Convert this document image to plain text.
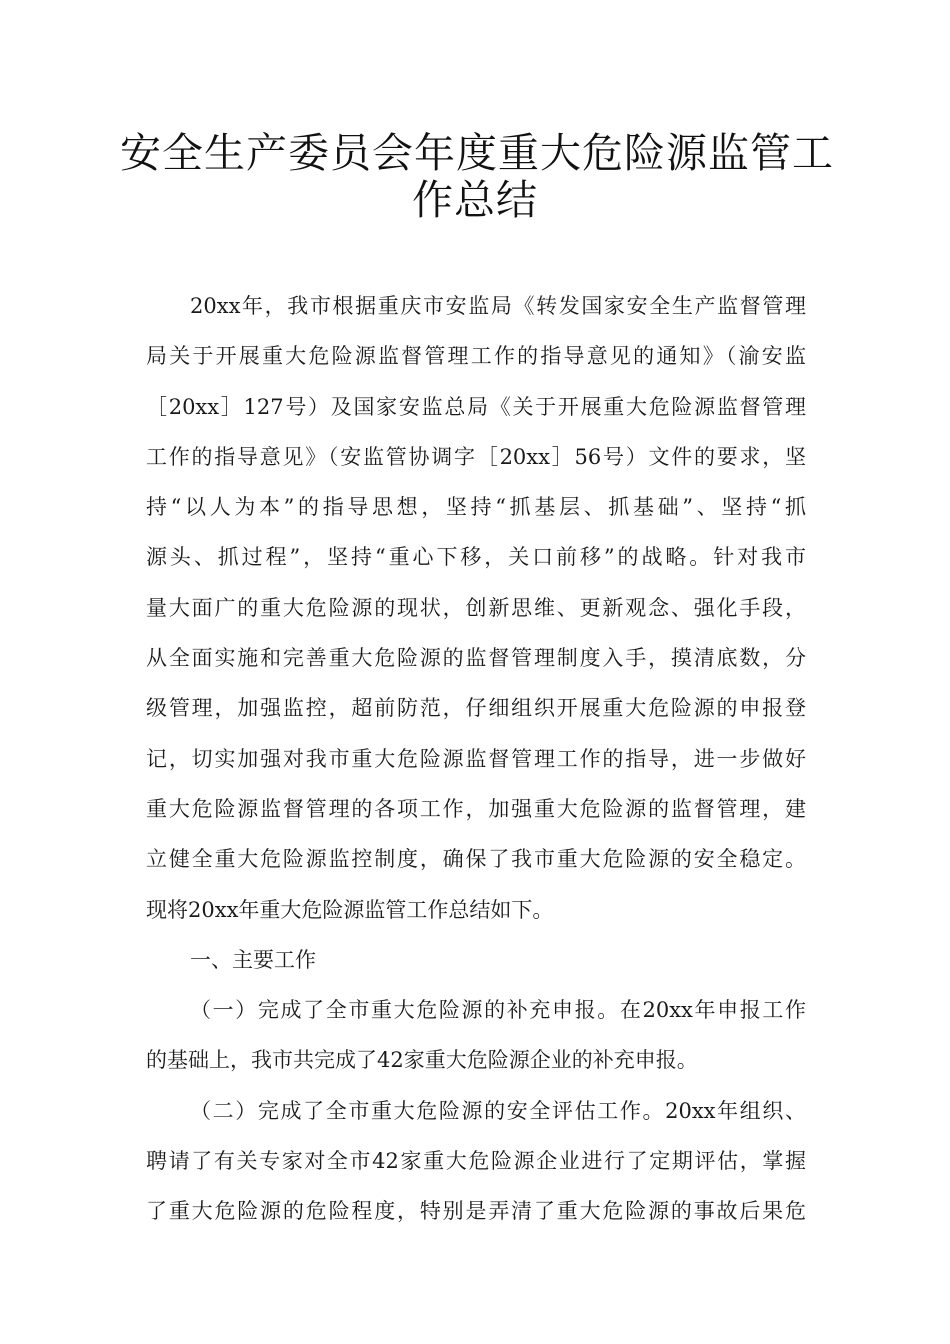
安全生产委员会年度重大危险源监管工
作总结
20xx年，我市根据重庆市安监局《转发国家安全生产监督管理
局关于开展重大危险源监督管理工作的指导意见的通知》（渝安监
［20xx］127号）及国家安监总局《关于开展重大危险源监督管理
工作的指导意见》（安监管协调字［20xx］56号）文件的要求，坚
持“以人为本”的指导思想，坚持“抓基层、抓基础”、坚持“抓
源头、抓过程”，坚持“重心下移，关口前移”的战略。针对我市
量大面广的重大危险源的现状，创新思维、更新观念、强化手段，
从全面实施和完善重大危险源的监督管理制度入手，摸清底数，分
级管理，加强监控，超前防范，仔细组织开展重大危险源的申报登
记，切实加强对我市重大危险源监督管理工作的指导，进一步做好
重大危险源监督管理的各项工作，加强重大危险源的监督管理，建
立健全重大危险源监控制度，确保了我市重大危险源的安全稳定。
现将20xx年重大危险源监管工作总结如下。
一、主要工作
（一）完成了全市重大危险源的补充申报。在20xx年申报工作
的基础上，我市共完成了42家重大危险源企业的补充申报。
（二）完成了全市重大危险源的安全评估工作。20xx年组织、
聘请了有关专家对全市42家重大危险源企业进行了定期评估，掌握
了重大危险源的危险程度，特别是弄清了重大危险源的事故后果危
